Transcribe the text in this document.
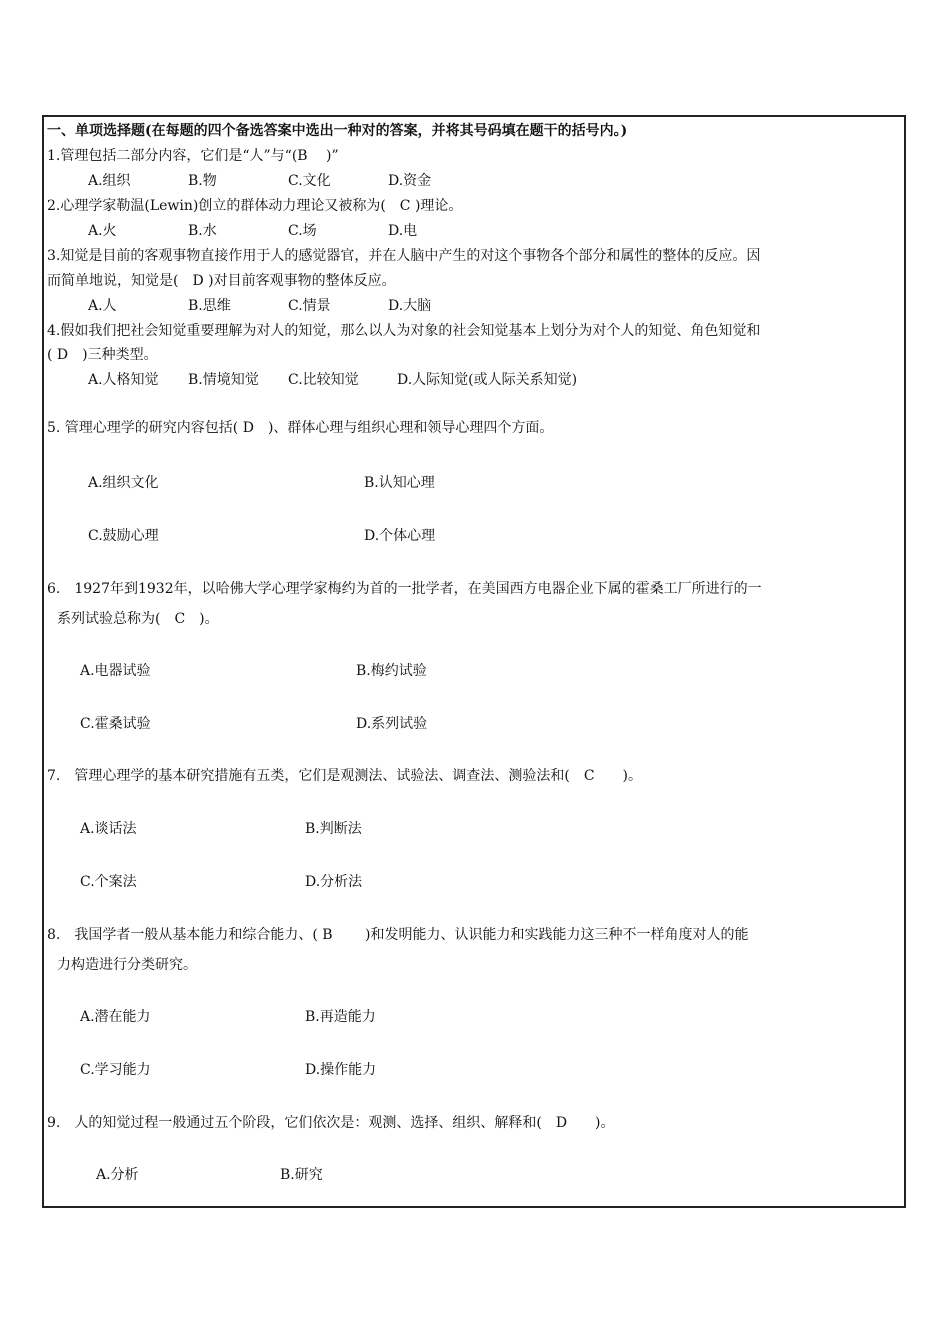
一、单项选择题(在每题的四个备选答案中选出一种对的答案，并将其号码填在题干的括号内。)
1.管理包括二部分内容，它们是“人”与“(B　 )”
A.组织	B.物	C.文化	D.资金
2.心理学家勒温(Lewin)创立的群体动力理论又被称为(　C )理论。
A.火	B.水	C.场	D.电
3.知觉是目前的客观事物直接作用于人的感觉器官，并在人脑中产生的对这个事物各个部分和属性的整体的反应。因
而简单地说，知觉是(　D )对目前客观事物的整体反应。
A.人	B.思维	C.情景	D.大脑
4.假如我们把社会知觉重要理解为对人的知觉，那么以人为对象的社会知觉基本上划分为对个人的知觉、角色知觉和
( D　)三种类型。
A.人格知觉 B.情境知觉 C.比较知觉	D.人际知觉(或人际关系知觉)
5. 管理心理学的研究内容包括( D　)、群体心理与组织心理和领导心理四个方面。
A.组织文化	B.认知心理
C.鼓励心理	D.个体心理
6.　1927年到1932年，以哈佛大学心理学家梅约为首的一批学者，在美国西方电器企业下属的霍桑工厂所进行的一
系列试验总称为(　C　)。
A.电器试验	B.梅约试验
C.霍桑试验	D.系列试验
7.　管理心理学的基本研究措施有五类，它们是观测法、试验法、调查法、测验法和(　C　　)。
A.谈话法	B.判断法
C.个案法	D.分析法
8.　我国学者一般从基本能力和综合能力、( B　　 )和发明能力、认识能力和实践能力这三种不一样角度对人的能
力构造进行分类研究。
A.潜在能力	B.再造能力
C.学习能力	D.操作能力
9.　人的知觉过程一般通过五个阶段，它们依次是：观测、选择、组织、解释和(　D　　)。
A.分析	B.研究
